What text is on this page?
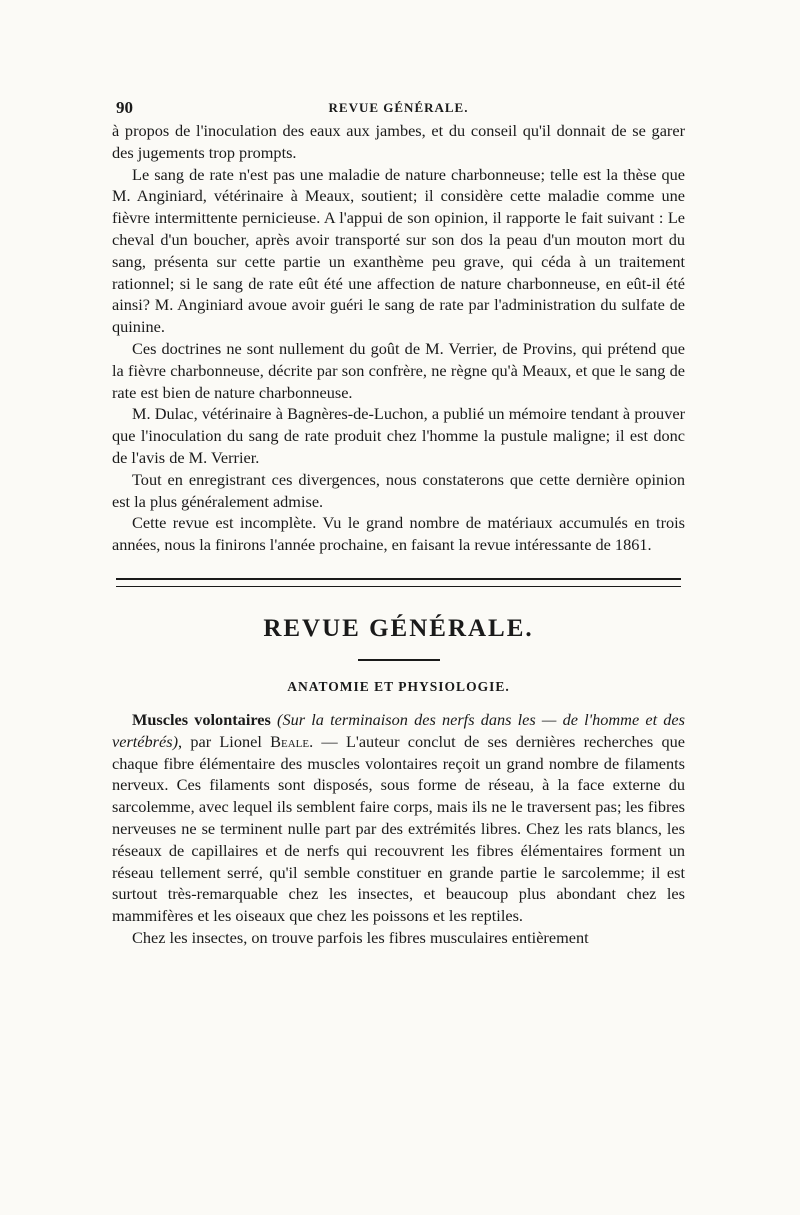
90	REVUE GÉNÉRALE.

à propos de l'inoculation des eaux aux jambes, et du conseil qu'il donnait de se garer des jugements trop prompts.

Le sang de rate n'est pas une maladie de nature charbonneuse; telle est la thèse que M. Anginiard, vétérinaire à Meaux, soutient; il considère cette maladie comme une fièvre intermittente pernicieuse. A l'appui de son opinion, il rapporte le fait suivant : Le cheval d'un boucher, après avoir transporté sur son dos la peau d'un mouton mort du sang, présenta sur cette partie un exanthème peu grave, qui céda à un traitement rationnel; si le sang de rate eût été une affection de nature charbonneuse, en eût-il été ainsi? M. Anginiard avoue avoir guéri le sang de rate par l'administration du sulfate de quinine.

Ces doctrines ne sont nullement du goût de M. Verrier, de Provins, qui prétend que la fièvre charbonneuse, décrite par son confrère, ne règne qu'à Meaux, et que le sang de rate est bien de nature charbonneuse.

M. Dulac, vétérinaire à Bagnères-de-Luchon, a publié un mémoire tendant à prouver que l'inoculation du sang de rate produit chez l'homme la pustule maligne; il est donc de l'avis de M. Verrier.

Tout en enregistrant ces divergences, nous constaterons que cette dernière opinion est la plus généralement admise.

Cette revue est incomplète. Vu le grand nombre de matériaux accumulés en trois années, nous la finirons l'année prochaine, en faisant la revue intéressante de 1861.

REVUE GÉNÉRALE.
ANATOMIE ET PHYSIOLOGIE.

Muscles volontaires (Sur la terminaison des nerfs dans les — de l'homme et des vertébrés), par Lionel Beale. — L'auteur conclut de ses dernières recherches que chaque fibre élémentaire des muscles volontaires reçoit un grand nombre de filaments nerveux. Ces filaments sont disposés, sous forme de réseau, à la face externe du sarcolemme, avec lequel ils semblent faire corps, mais ils ne le traversent pas; les fibres nerveuses ne se terminent nulle part par des extrémités libres. Chez les rats blancs, les réseaux de capillaires et de nerfs qui recouvrent les fibres élémentaires forment un réseau tellement serré, qu'il semble constituer en grande partie le sarcolemme; il est surtout très-remarquable chez les insectes, et beaucoup plus abondant chez les mammifères et les oiseaux que chez les poissons et les reptiles.

Chez les insectes, on trouve parfois les fibres musculaires entièrement
